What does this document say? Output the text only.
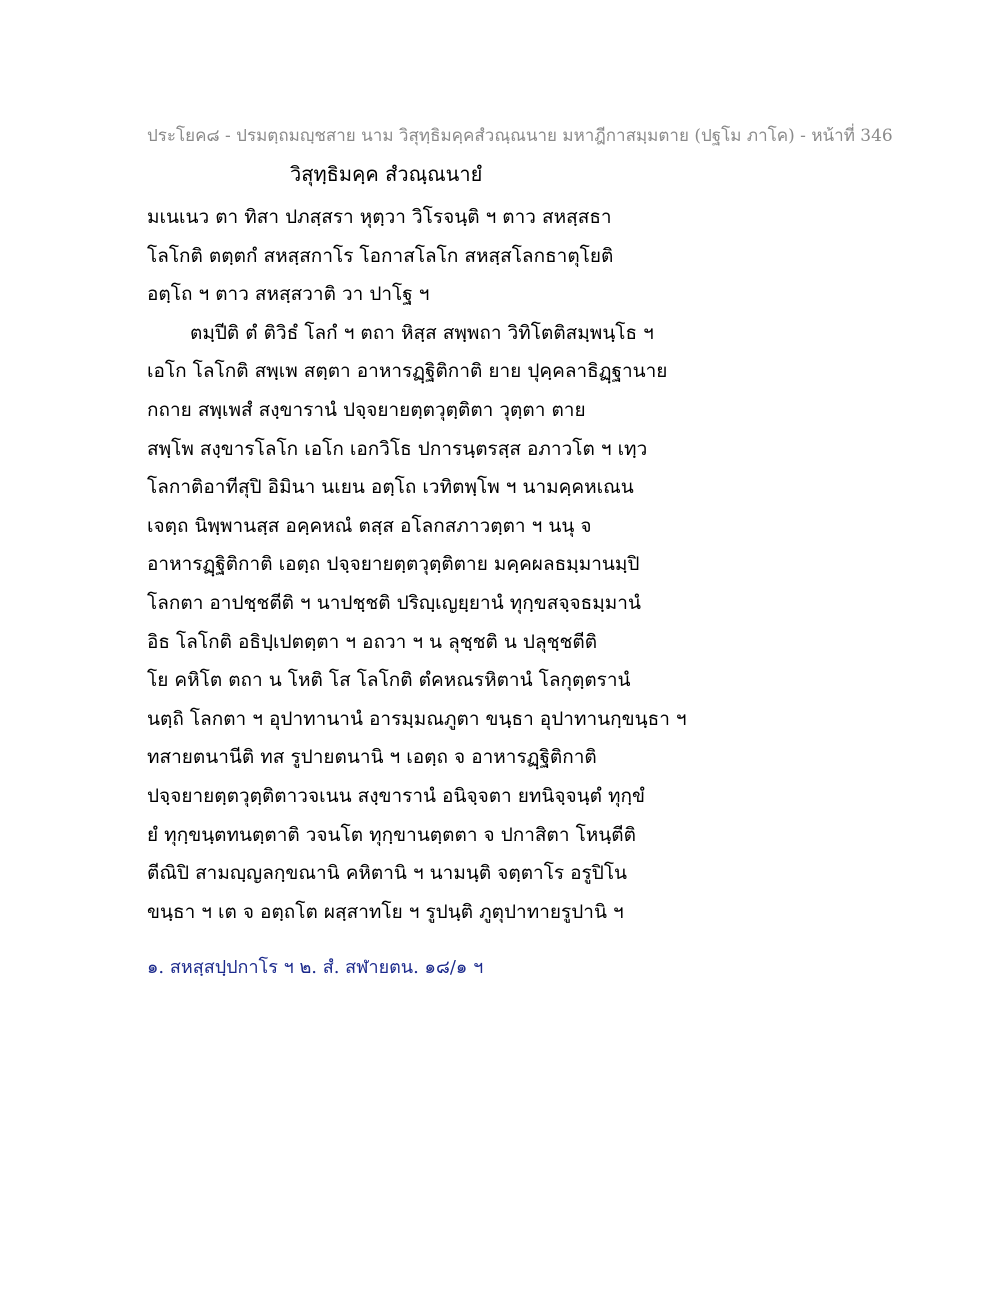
ประโยค๘ - ปรมตฺถมญฺชสาย นาม วิสุทฺธิมคฺคสํวณฺณนาย มหาฎีกาสมฺมตาย (ปฐโม ภาโค) - หน้าที่ 346
วิสุทฺธิมคฺค สํวณฺณนายํ
มเนเนว ตา ทิสา ปภสฺสรา หุตฺวา วิโรจนฺติ ฯ ตาว สหสฺสธา
โลโกติ ตตฺตกํ สหสฺสกาโร โอกาสโลโก สหสฺสโลกธาตุโยติ
อตฺโถ ฯ ตาว สหสฺสวาติ วา ปาโฐ ฯ
ตมฺปีติ ตํ ติวิธํ โลกํ ฯ ตถา หิสฺส สพฺพถา วิทิโตติสมฺพนฺโธ ฯ
เอโก โลโกติ สพฺเพ สตฺตา อาหารฏฺฐิติกาติ ยาย ปุคฺคลาธิฏฺฐานาย
กถาย สพฺเพสํ สงฺขารานํ ปจฺจยายตฺตวุตฺติตา วุตฺตา ตาย
สพฺโพ สงฺขารโลโก เอโก เอกวิโธ ปการนฺตรสฺส อภาวโต ฯ เทฺว
โลกาติอาทีสุปิ อิมินา นเยน อตฺโถ เวทิตพฺโพ ฯ นามคฺคหเณน
เจตฺถ นิพฺพานสฺส อคฺคหณํ ตสฺส อโลกสภาวตฺตา ฯ นนุ จ
อาหารฏฺฐิติกาติ เอตฺถ ปจฺจยายตฺตวุตฺติตาย มคฺคผลธมฺมานมฺปิ
โลกตา อาปชฺชตีติ ฯ นาปชฺชติ ปริญฺเญยฺยานํ ทุกฺขสจฺจธมฺมานํ
อิธ โลโกติ อธิปฺเปตตฺตา ฯ อถวา ฯ น ลุชฺชติ น ปลุชฺชตีติ
โย คหิโต ตถา น โหติ โส โลโกติ ตํคหณรหิตานํ โลกุตฺตรานํ
นตฺถิ โลกตา ฯ อุปาทานานํ อารมฺมณภูตา ขนฺธา อุปาทานกฺขนฺธา ฯ
ทสายตนานีติ ทส รูปายตนานิ ฯ เอตฺถ จ อาหารฏฺฐิติกาติ
ปจฺจยายตฺตวุตฺติตาวจเนน สงฺขารานํ อนิจฺจตา ยทนิจฺจนฺตํ ทุกฺขํ
ยํ ทุกฺขนฺตทนตฺตาติ วจนโต ทุกฺขานตฺตตา จ ปกาสิตา โหนฺตีติ
ตีณิปิ สามญฺญลกฺขณานิ คหิตานิ ฯ นามนฺติ จตฺตาโร อรูปิโน
ขนฺธา ฯ เต จ อตฺถโต ผสฺสาทโย ฯ รูปนฺติ ภูตุปาทายรูปานิ ฯ
๑. สหสฺสปฺปกาโร ฯ ๒. สํ. สฬายตน. ๑๘/๑ ฯ
